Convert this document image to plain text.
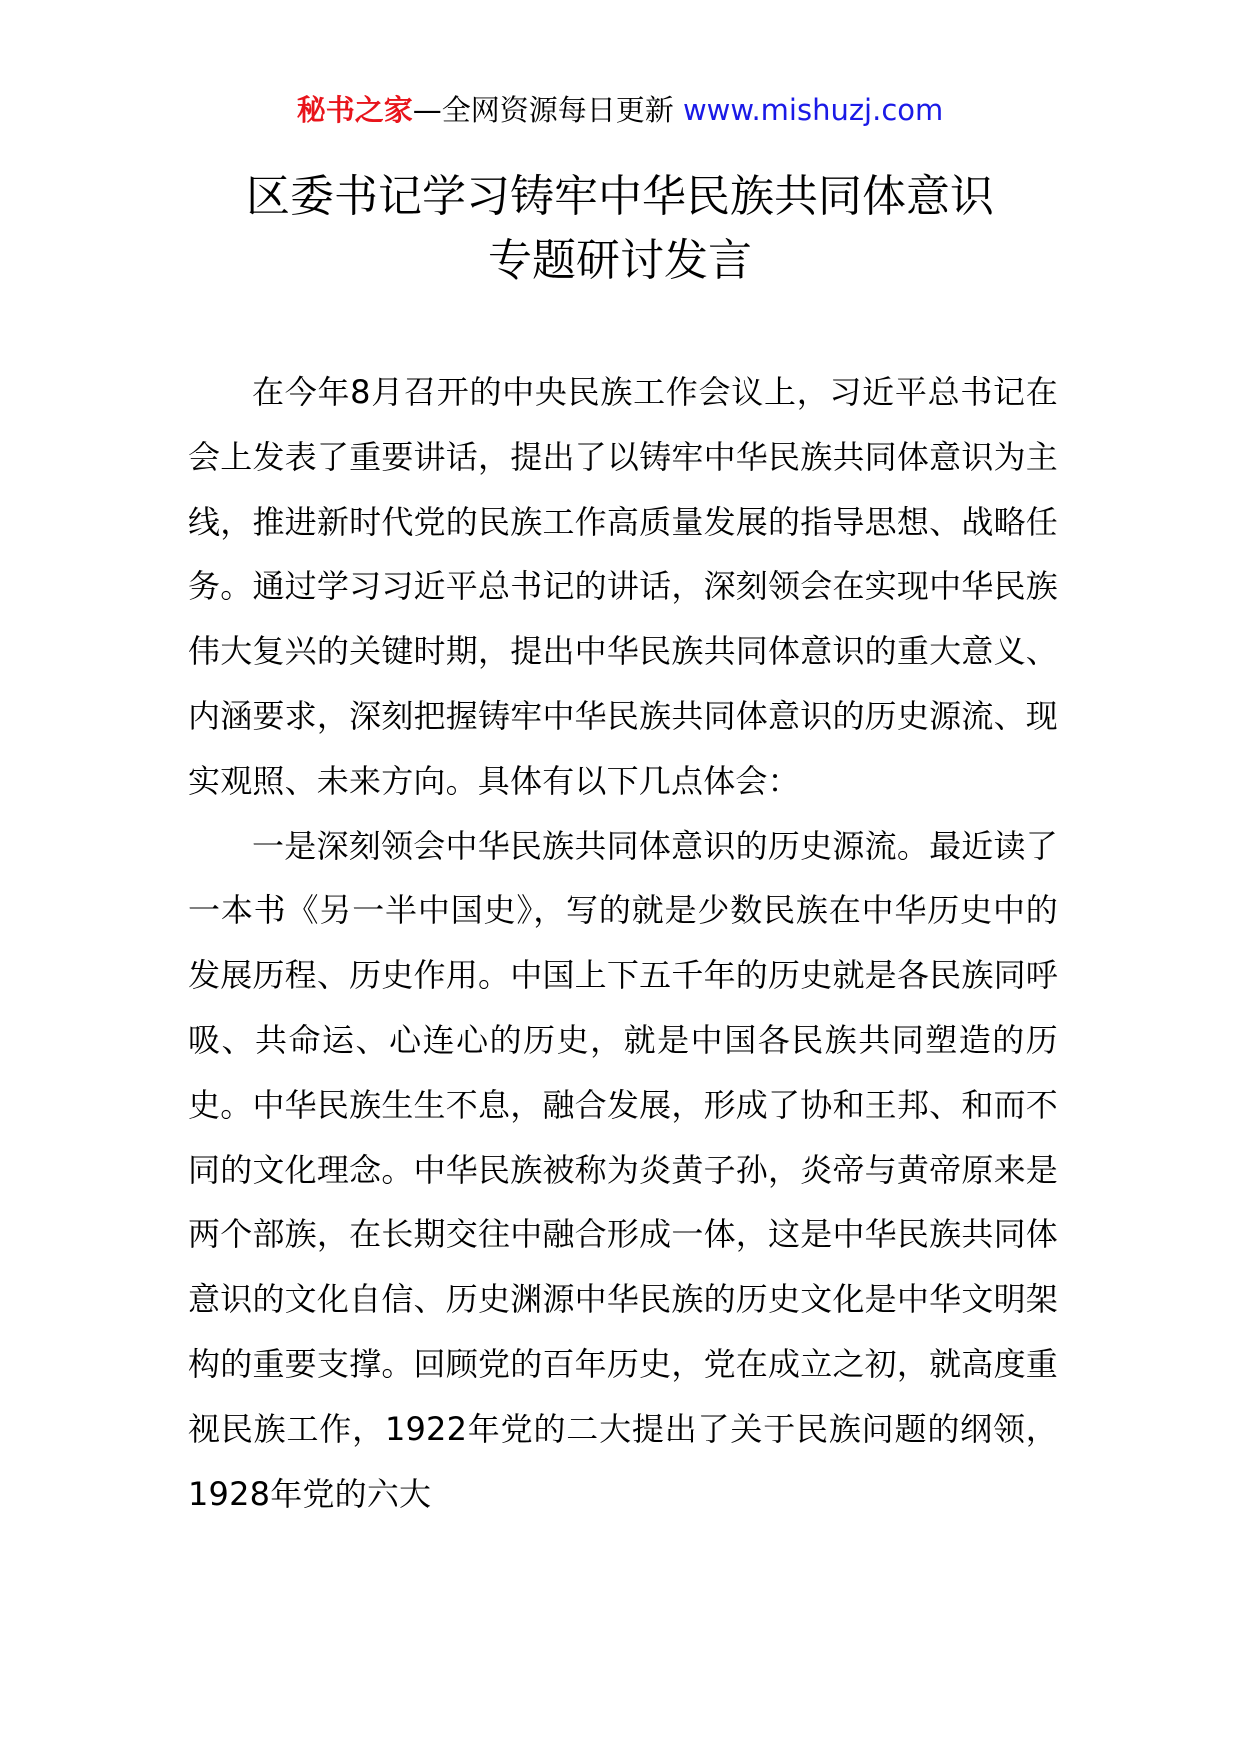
秘书之家—全网资源每日更新 www.mishuzj.com
区委书记学习铸牢中华民族共同体意识
专题研讨发言

在今年8月召开的中央民族工作会议上，习近平总书记在会上发表了重要讲话，提出了以铸牢中华民族共同体意识为主线，推进新时代党的民族工作高质量发展的指导思想、战略任务。通过学习习近平总书记的讲话，深刻领会在实现中华民族伟大复兴的关键时期，提出中华民族共同体意识的重大意义、内涵要求，深刻把握铸牢中华民族共同体意识的历史源流、现实观照、未来方向。具体有以下几点体会：

一是深刻领会中华民族共同体意识的历史源流。最近读了一本书《另一半中国史》，写的就是少数民族在中华历史中的发展历程、历史作用。中国上下五千年的历史就是各民族同呼吸、共命运、心连心的历史，就是中国各民族共同塑造的历史。中华民族生生不息，融合发展，形成了协和王邦、和而不同的文化理念。中华民族被称为炎黄子孙，炎帝与黄帝原来是两个部族，在长期交往中融合形成一体，这是中华民族共同体意识的文化自信、历史渊源中华民族的历史文化是中华文明架构的重要支撑。回顾党的百年历史，党在成立之初，就高度重视民族工作，1922年党的二大提出了关于民族问题的纲领，1928年党的六大
